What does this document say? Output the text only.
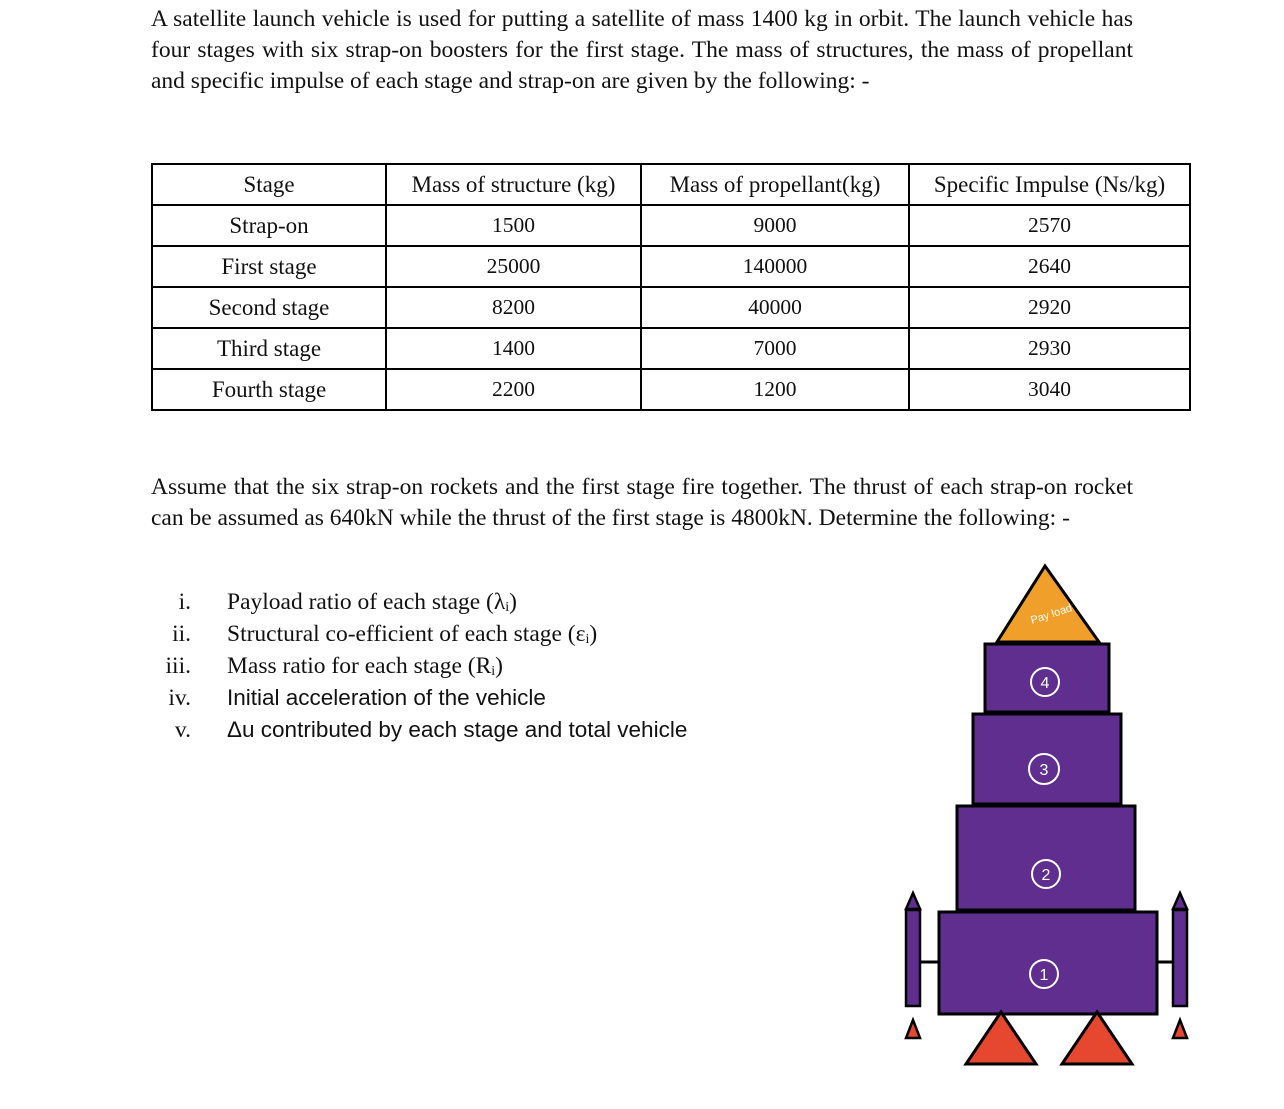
A satellite launch vehicle is used for putting a satellite of mass 1400 kg in orbit. The launch vehicle has four stages with six strap-on boosters for the first stage. The mass of structures, the mass of propellant and specific impulse of each stage and strap-on are given by the following: -
Stage	Mass of structure (kg)	Mass of propellant(kg)	Specific Impulse (Ns/kg)
Strap-on	1500	9000	2570
First stage	25000	140000	2640
Second stage	8200	40000	2920
Third stage	1400	7000	2930
Fourth stage	2200	1200	3040
Assume that the six strap-on rockets and the first stage fire together. The thrust of each strap-on rocket can be assumed as 640kN while the thrust of the first stage is 4800kN. Determine the following: -
i. Payload ratio of each stage (λᵢ)
ii. Structural co-efficient of each stage (εᵢ)
iii. Mass ratio for each stage (Rᵢ)
iv. Initial acceleration of the vehicle
v. Δu contributed by each stage and total vehicle
Pay load
4
3
2
1
